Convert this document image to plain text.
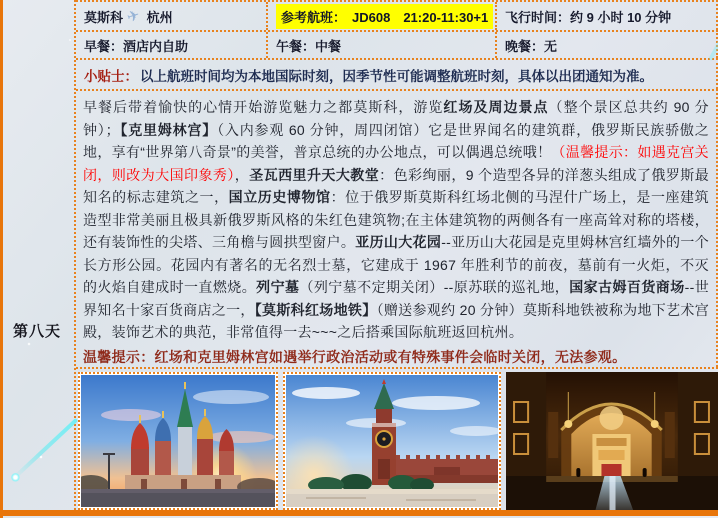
第八天
莫斯科 ✈ 杭州	参考航班： JD608　21:20-11:30+1 飞行时间： 约 9 小时 10 分钟
早餐： 酒店内自助	午餐： 中餐	晚餐： 无
小贴士： 以上航班时间均为本地国际时刻，因季节性可能调整航班时刻，具体以出团通知为准。

早餐后带着愉快的心情开始游览魅力之都莫斯科，游览红场及周边景点（整个景区总共约 90 分钟）；【克里姆林宫】（入内参观 60 分钟，周四闭馆）它是世界闻名的建筑群，俄罗斯民族骄傲之地，享有“世界第八奇景”的美誉，普京总统的办公地点，可以偶遇总统哦！（温馨提示：如遇克宫关闭，则改为大国印象秀），圣瓦西里升天大教堂：色彩绚丽，9 个造型各异的洋葱头组成了俄罗斯最知名的标志建筑之一，国立历史博物馆：位于俄罗斯莫斯科红场北侧的马涅什广场上，是一座建筑造型非常美丽且极具新俄罗斯风格的朱红色建筑物;在主体建筑物的两侧各有一座高耸对称的塔楼，还有装饰性的尖塔、三角檐与圆拱型窗户。亚历山大花园--亚历山大花园是克里姆林宫红墙外的一个长方形公园。花园内有著名的无名烈士墓，它建成于 1967 年胜利节的前夜，墓前有一火炬，不灭的火焰自建成时一直燃烧。列宁墓（列宁墓不定期关闭）--原苏联的巡礼地，国家古姆百货商场--世界知名十家百货商店之一，【莫斯科红场地铁】（赠送参观约 20 分钟）莫斯科地铁被称为地下艺术宫殿，装饰艺术的典范，非常值得一去~~~之后搭乘国际航班返回杭州。

温馨提示：红场和克里姆林宫如遇举行政治活动或有特殊事件会临时关闭，无法参观。
